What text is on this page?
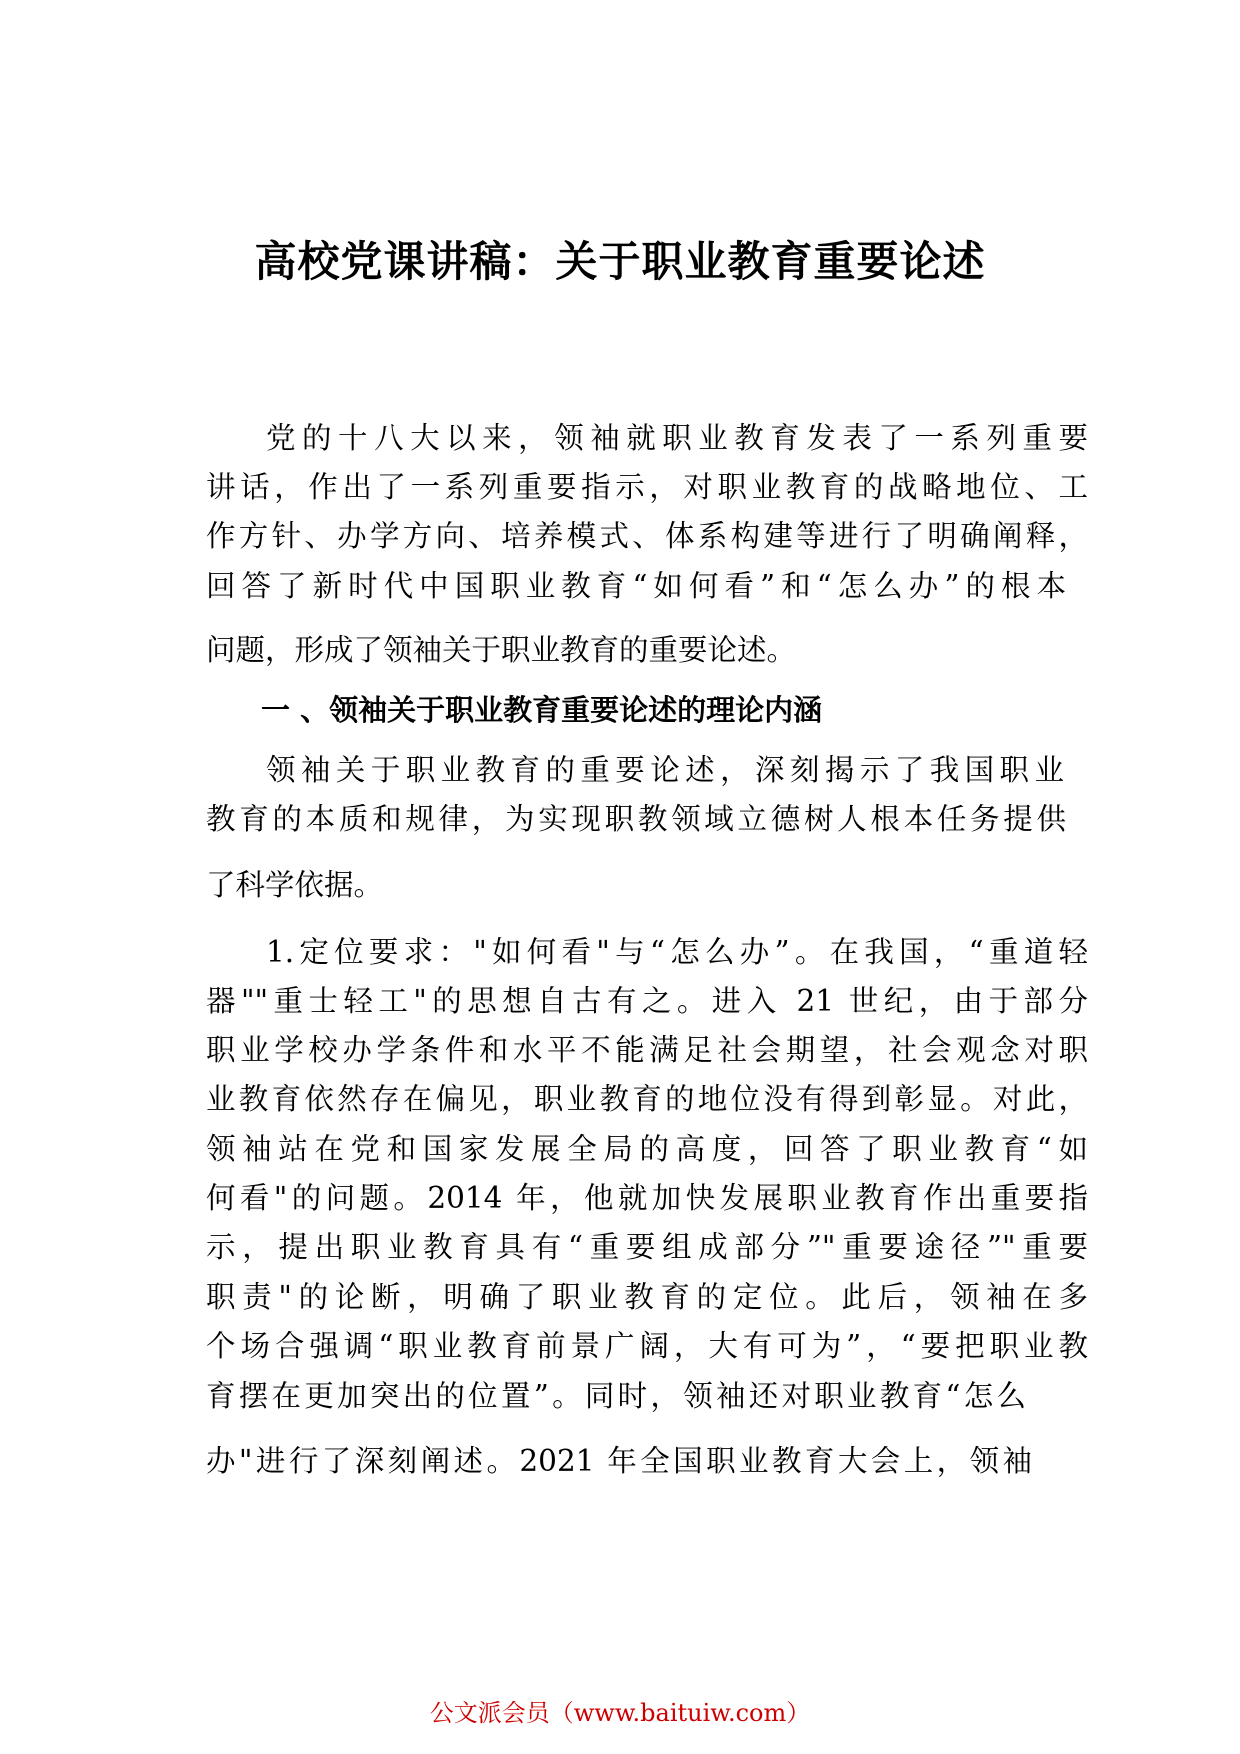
高校党课讲稿：关于职业教育重要论述
党的十八大以来，领袖就职业教育发表了一系列重要
讲话，作出了一系列重要指示，对职业教育的战略地位、工
作方针、办学方向、培养模式、体系构建等进行了明确阐释，
回答了新时代中国职业教育“如何看”和“怎么办”的根本
问题，形成了领袖关于职业教育的重要论述。
一 、领袖关于职业教育重要论述的理论内涵
领袖关于职业教育的重要论述，深刻揭示了我国职业
教育的本质和规律，为实现职教领域立德树人根本任务提供
了科学依据。
1.定位要求："如何看"与“怎么办”。在我国，“重道轻
器""重士轻工"的思想自古有之。进入 21 世纪，由于部分
职业学校办学条件和水平不能满足社会期望，社会观念对职
业教育依然存在偏见，职业教育的地位没有得到彰显。对此，
领袖站在党和国家发展全局的高度，回答了职业教育“如
何看"的问题。2014 年，他就加快发展职业教育作出重要指
示，提出职业教育具有“重要组成部分”"重要途径”"重要
职责"的论断，明确了职业教育的定位。此后，领袖在多
个场合强调“职业教育前景广阔，大有可为”，“要把职业教
育摆在更加突出的位置”。同时，领袖还对职业教育“怎么
办"进行了深刻阐述。2021 年全国职业教育大会上，领袖
公文派会员（www.baituiw.com）
